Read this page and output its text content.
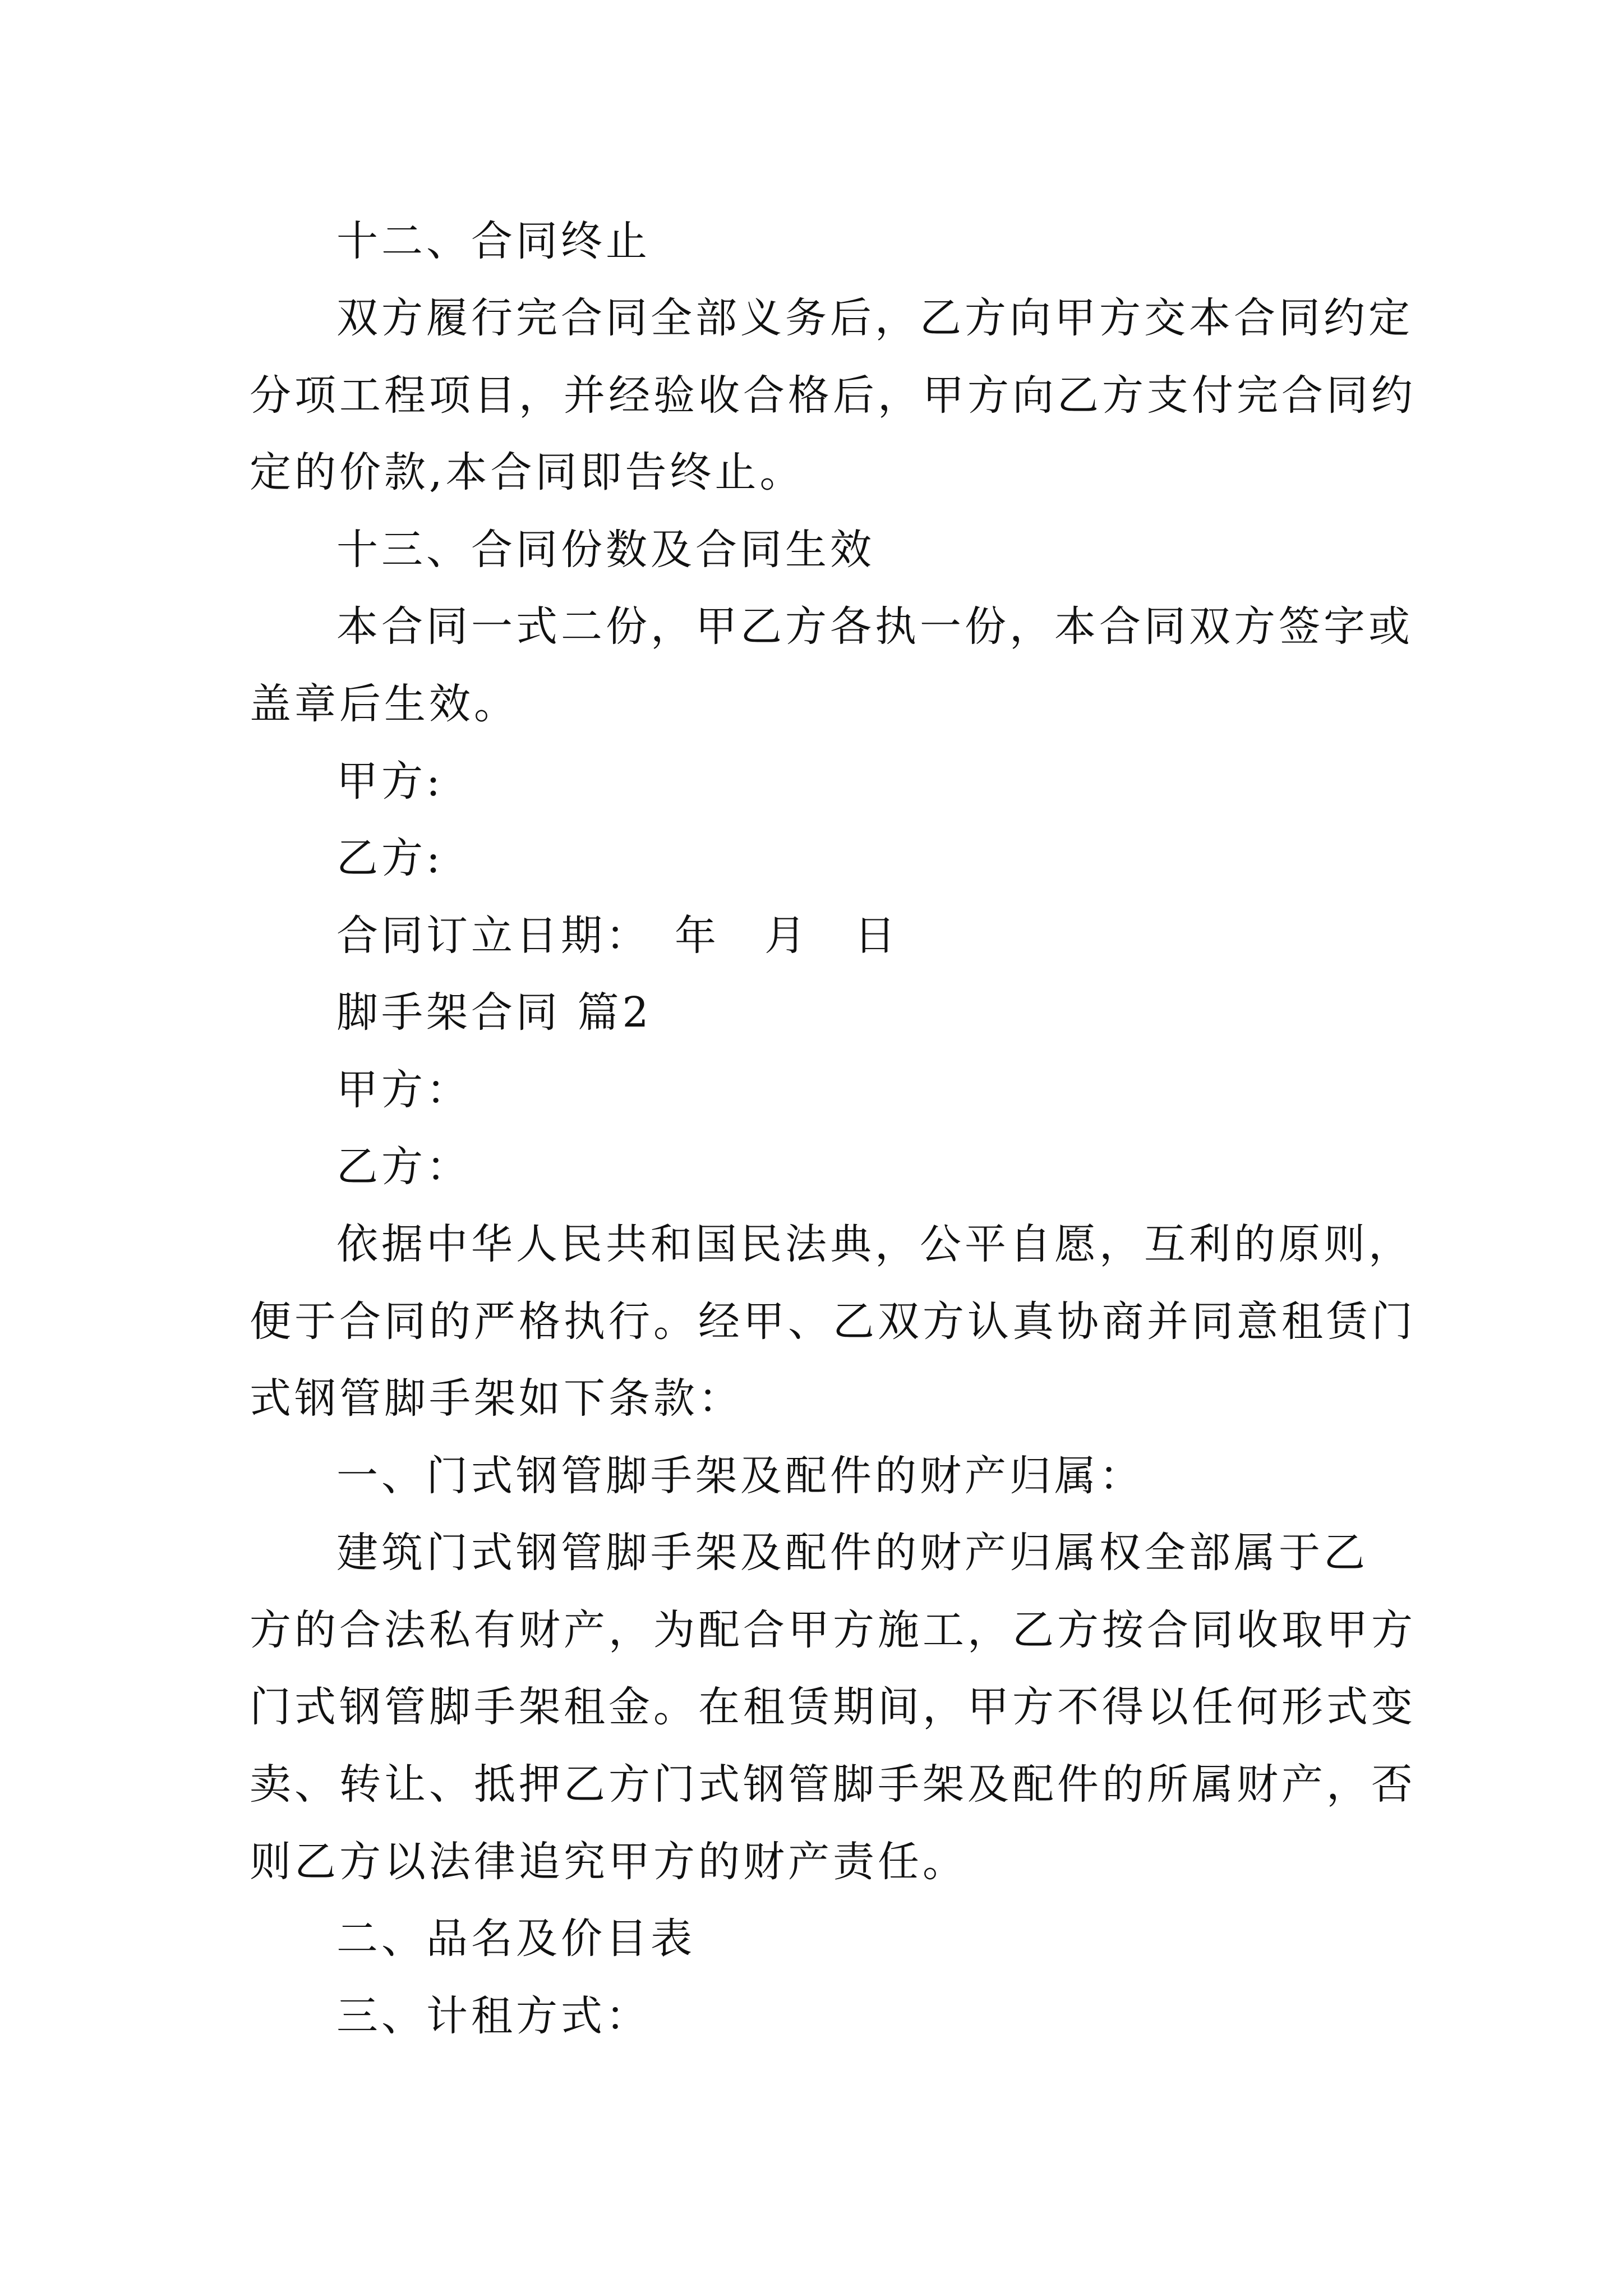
十二、合同终止
双方履行完合同全部义务后，乙方向甲方交本合同约定
分项工程项目，并经验收合格后，甲方向乙方支付完合同约
定的价款,本合同即告终止。
十三、合同份数及合同生效
本合同一式二份，甲乙方各执一份，本合同双方签字或
盖章后生效。
甲方:
乙方:
合同订立日期：　年　月　日
脚手架合同 篇2
甲方：
乙方：
依据中华人民共和国民法典，公平自愿，互利的原则，
便于合同的严格执行。经甲、乙双方认真协商并同意租赁门
式钢管脚手架如下条款：
一、门式钢管脚手架及配件的财产归属：
建筑门式钢管脚手架及配件的财产归属权全部属于乙
方的合法私有财产，为配合甲方施工，乙方按合同收取甲方
门式钢管脚手架租金。在租赁期间，甲方不得以任何形式变
卖、转让、抵押乙方门式钢管脚手架及配件的所属财产，否
则乙方以法律追究甲方的财产责任。
二、品名及价目表
三、计租方式：
